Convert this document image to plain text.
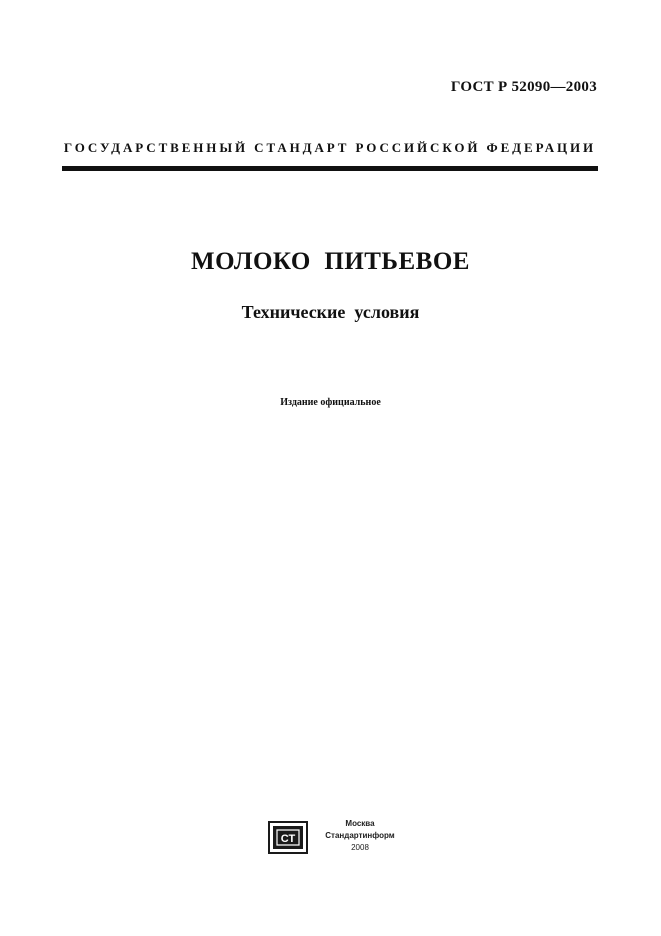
ГОСТ Р 52090—2003
ГОСУДАРСТВЕННЫЙ СТАНДАРТ РОССИЙСКОЙ ФЕДЕРАЦИИ
МОЛОКО  ПИТЬЕВОЕ
Технические  условия
Издание официальное
СТ
Москва
Стандартинформ
2008
